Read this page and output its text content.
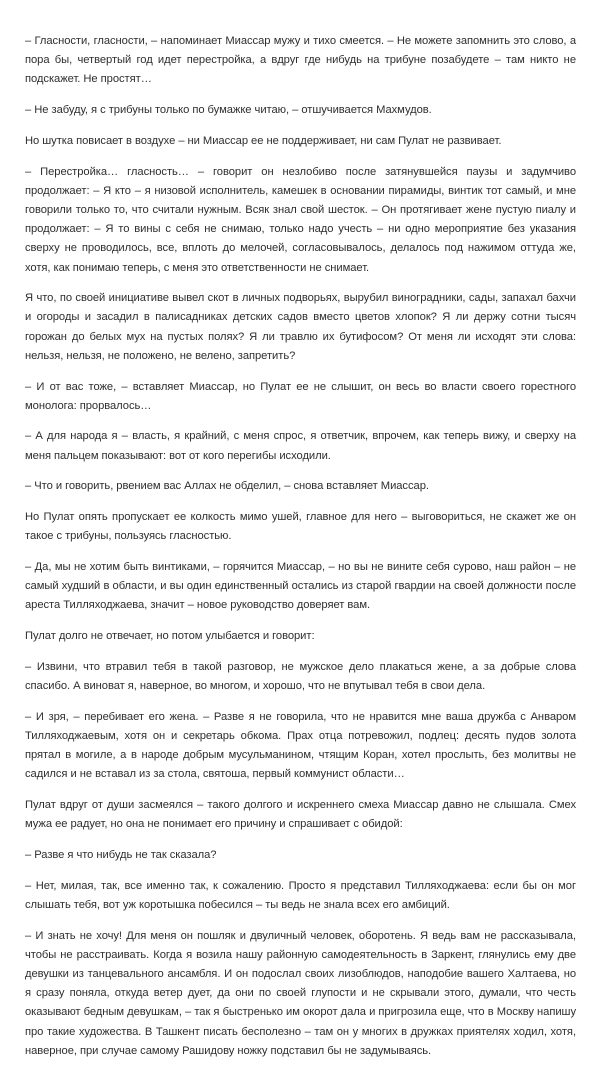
– Гласности, гласности, – напоминает Миассар мужу и тихо смеется. – Не можете запомнить это слово, а пора бы, четвертый год идет перестройка, а вдруг где нибудь на трибуне позабудете – там никто не подскажет. Не простят…

– Не забуду, я с трибуны только по бумажке читаю, – отшучивается Махмудов.

Но шутка повисает в воздухе – ни Миассар ее не поддерживает, ни сам Пулат не развивает.

– Перестройка… гласность… – говорит он незлобиво после затянувшейся паузы и задумчиво продолжает: – Я кто – я низовой исполнитель, камешек в основании пирамиды, винтик тот самый, и мне говорили только то, что считали нужным. Всяк знал свой шесток. – Он протягивает жене пустую пиалу и продолжает: – Я то вины с себя не снимаю, только надо учесть – ни одно мероприятие без указания сверху не проводилось, все, вплоть до мелочей, согласовывалось, делалось под нажимом оттуда же, хотя, как понимаю теперь, с меня это ответственности не снимает.

Я что, по своей инициативе вывел скот в личных подворьях, вырубил виноградники, сады, запахал бахчи и огороды и засадил в палисадниках детских садов вместо цветов хлопок? Я ли держу сотни тысяч горожан до белых мух на пустых полях? Я ли травлю их бутифосом? От меня ли исходят эти слова: нельзя, нельзя, не положено, не велено, запретить?

– И от вас тоже, – вставляет Миассар, но Пулат ее не слышит, он весь во власти своего горестного монолога: прорвалось…

– А для народа я – власть, я крайний, с меня спрос, я ответчик, впрочем, как теперь вижу, и сверху на меня пальцем показывают: вот от кого перегибы исходили.

– Что и говорить, рвением вас Аллах не обделил, – снова вставляет Миассар.

Но Пулат опять пропускает ее колкость мимо ушей, главное для него – выговориться, не скажет же он такое с трибуны, пользуясь гласностью.

– Да, мы не хотим быть винтиками, – горячится Миассар, – но вы не вините себя сурово, наш район – не самый худший в области, и вы один единственный остались из старой гвардии на своей должности после ареста Тилляходжаева, значит – новое руководство доверяет вам.

Пулат долго не отвечает, но потом улыбается и говорит:

– Извини, что втравил тебя в такой разговор, не мужское дело плакаться жене, а за добрые слова спасибо. А виноват я, наверное, во многом, и хорошо, что не впутывал тебя в свои дела.

– И зря, – перебивает его жена. – Разве я не говорила, что не нравится мне ваша дружба с Анваром Тилляходжаевым, хотя он и секретарь обкома. Прах отца потревожил, подлец: десять пудов золота прятал в могиле, а в народе добрым мусульманином, чтящим Коран, хотел прослыть, без молитвы не садился и не вставал из за стола, святоша, первый коммунист области…

Пулат вдруг от души засмеялся – такого долгого и искреннего смеха Миассар давно не слышала. Смех мужа ее радует, но она не понимает его причину и спрашивает с обидой:

– Разве я что нибудь не так сказала?

– Нет, милая, так, все именно так, к сожалению. Просто я представил Тилляходжаева: если бы он мог слышать тебя, вот уж коротышка побесился – ты ведь не знала всех его амбиций.

– И знать не хочу! Для меня он пошляк и двуличный человек, оборотень. Я ведь вам не рассказывала, чтобы не расстраивать. Когда я возила нашу районную самодеятельность в Заркент, глянулись ему две девушки из танцевального ансамбля. И он подослал своих лизоблюдов, наподобие вашего Халтаева, но я сразу поняла, откуда ветер дует, да они по своей глупости и не скрывали этого, думали, что честь оказывают бедным девушкам, – так я быстренько им окорот дала и пригрозила еще, что в Москву напишу про такие художества. В Ташкент писать бесполезно – там он у многих в дружках приятелях ходил, хотя, наверное, при случае самому Рашидову ножку подставил бы не задумываясь.
